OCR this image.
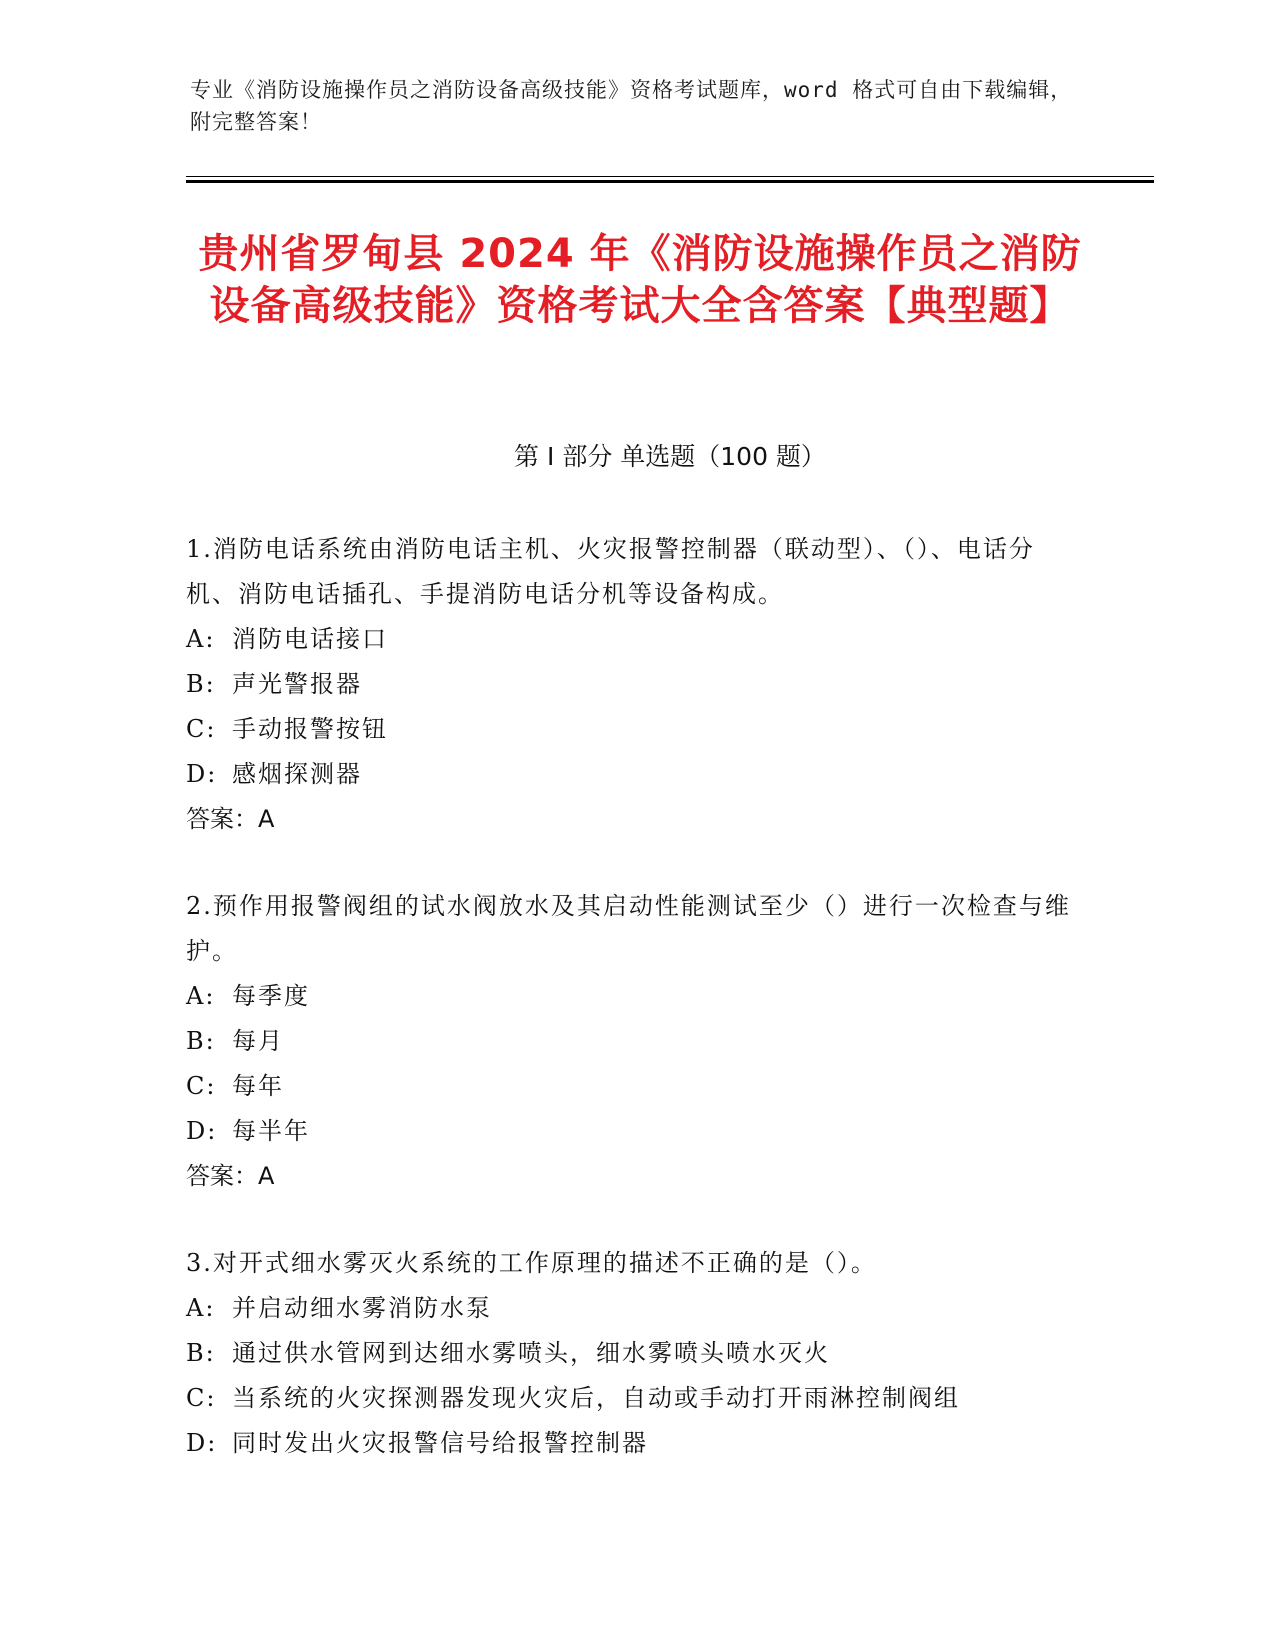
专业《消防设施操作员之消防设备高级技能》资格考试题库，word 格式可自由下载编辑，附完整答案！
贵州省罗甸县 2024 年《消防设施操作员之消防设备高级技能》资格考试大全含答案【典型题】
第 I 部分 单选题（100 题）

1.消防电话系统由消防电话主机、火灾报警控制器（联动型）、（）、电话分机、消防电话插孔、手提消防电话分机等设备构成。

A: 消防电话接口

B: 声光警报器

C: 手动报警按钮

D: 感烟探测器

答案：A

2.预作用报警阀组的试水阀放水及其启动性能测试至少（）进行一次检查与维护。

A: 每季度

B: 每月

C: 每年

D: 每半年

答案：A

3.对开式细水雾灭火系统的工作原理的描述不正确的是（）。

A: 并启动细水雾消防水泵

B: 通过供水管网到达细水雾喷头，细水雾喷头喷水灭火

C: 当系统的火灾探测器发现火灾后，自动或手动打开雨淋控制阀组

D: 同时发出火灾报警信号给报警控制器
